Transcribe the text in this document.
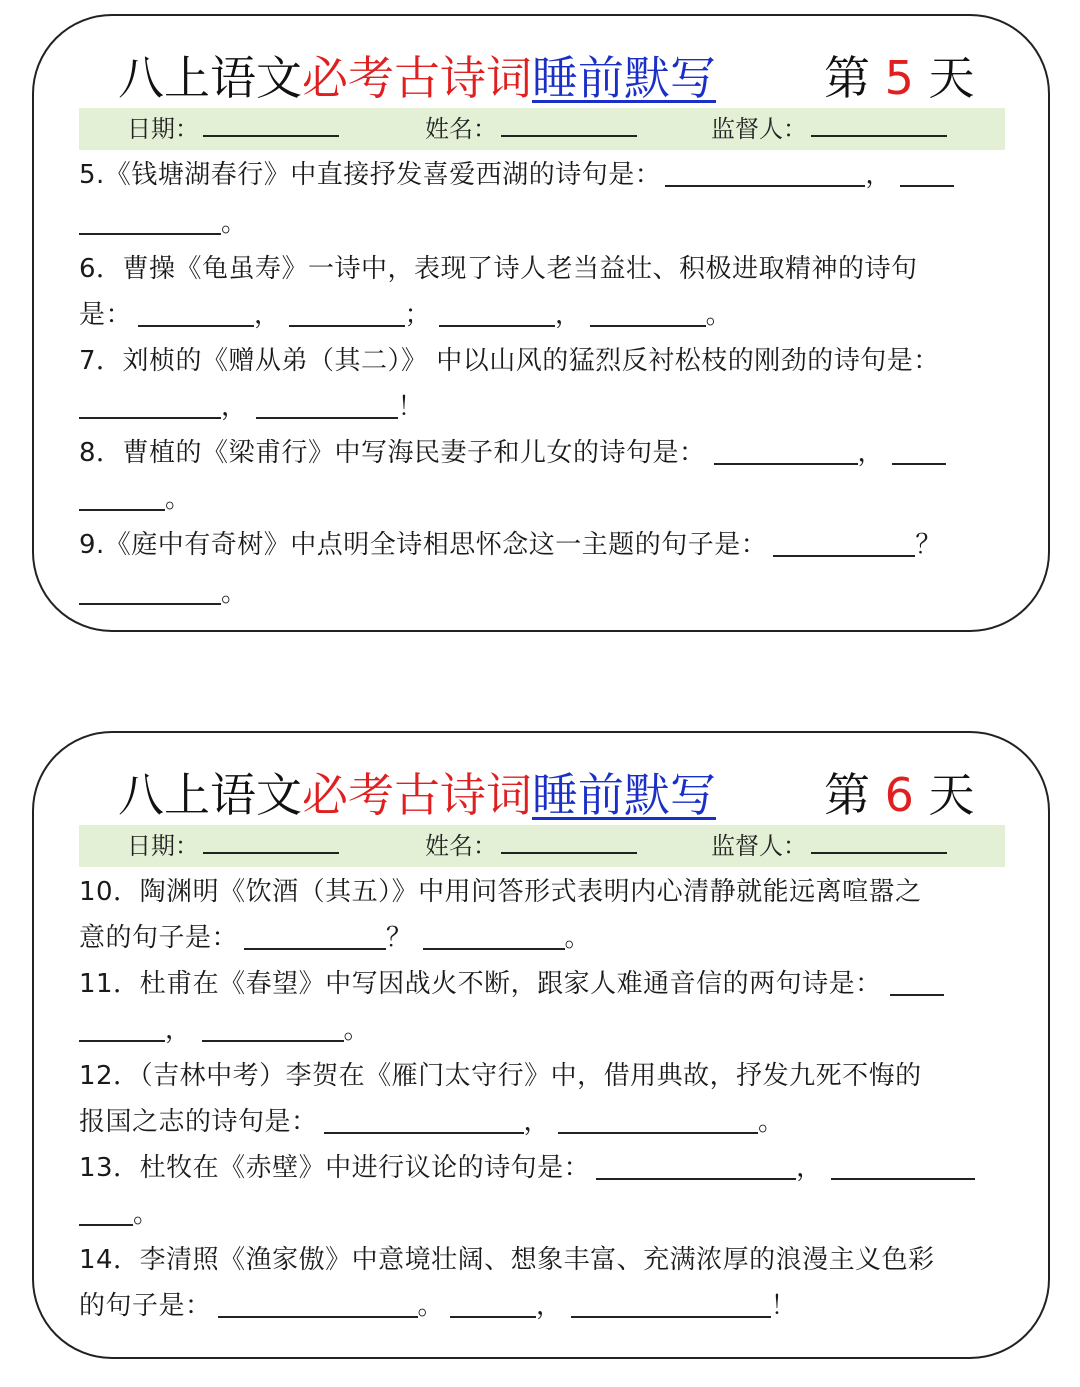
八上语文必考古诗词睡前默写 第 5 天
日期：	姓名：	监督人：

5.《钱塘湖春行》中直接抒发喜爱西湖的诗句是：	，

。

6．曹操《龟虽寿》一诗中，表现了诗人老当益壮、积极进取精神的诗句

是：	，	；	，	。

7．刘桢的《赠从弟（其二）》 中以山风的猛烈反衬松枝的刚劲的诗句是：

，	！

8．曹植的《梁甫行》中写海民妻子和儿女的诗句是：	，

。

9.《庭中有奇树》中点明全诗相思怀念这一主题的句子是：	？

。

八上语文必考古诗词睡前默写 第 6 天
日期：	姓名：	监督人：

10．陶渊明《饮酒（其五）》中用问答形式表明内心清静就能远离喧嚣之

意的句子是：	？	。

11．杜甫在《春望》中写因战火不断，跟家人难通音信的两句诗是：

，	。

12．（吉林中考）李贺在《雁门太守行》中，借用典故，抒发九死不悔的

报国之志的诗句是：	，	。

13．杜牧在《赤壁》中进行议论的诗句是：	，

。

14．李清照《渔家傲》中意境壮阔、想象丰富、充满浓厚的浪漫主义色彩

的句子是：	。	，	！
